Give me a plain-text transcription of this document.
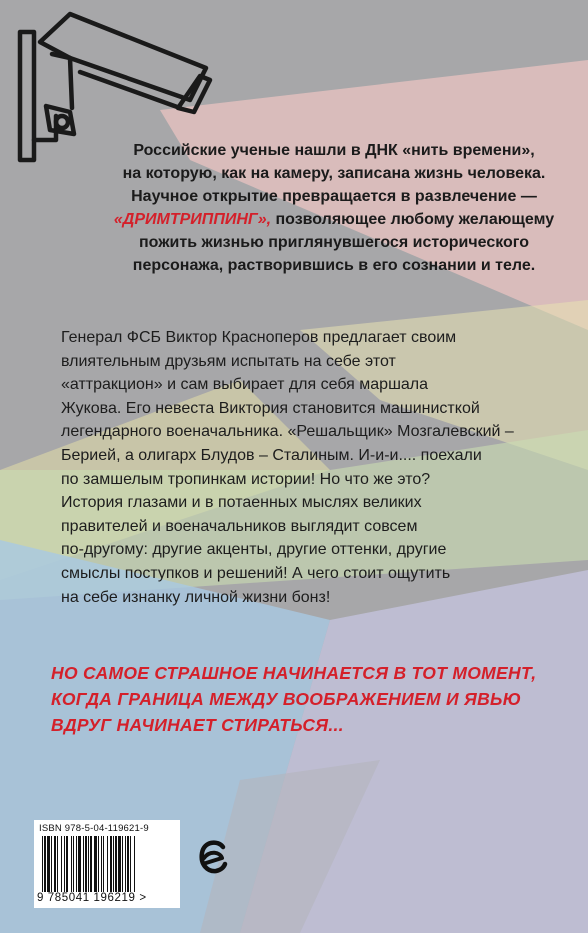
Российские ученые нашли в ДНК «нить времени»,
на которую, как на камеру, записана жизнь человека.
Научное открытие превращается в развлечение —
«ДРИМТРИППИНГ», позволяющее любому желающему
пожить жизнью приглянувшегося исторического
персонажа, растворившись в его сознании и теле.
Генерал ФСБ Виктор Красноперов предлагает своим
влиятельным друзьям испытать на себе этот
«аттракцион» и сам выбирает для себя маршала
Жукова. Его невеста Виктория становится машинисткой
легендарного военачальника. «Решальщик» Мозгалевский –
Берией, а олигарх Блудов – Сталиным. И-и-и.... поехали
по замшелым тропинкам истории! Но что же это?
История глазами и в потаенных мыслях великих
правителей и военачальников выглядит совсем
по-другому: другие акценты, другие оттенки, другие
смыслы поступков и решений! А чего стоит ощутить
на себе изнанку личной жизни бонз!
НО САМОЕ СТРАШНОЕ НАЧИНАЕТСЯ В ТОТ МОМЕНТ,
КОГДА ГРАНИЦА МЕЖДУ ВООБРАЖЕНИЕМ И ЯВЬЮ
ВДРУГ НАЧИНАЕТ СТИРАТЬСЯ...
ISBN 978-5-04-119621-9
9 785041 196219 >
